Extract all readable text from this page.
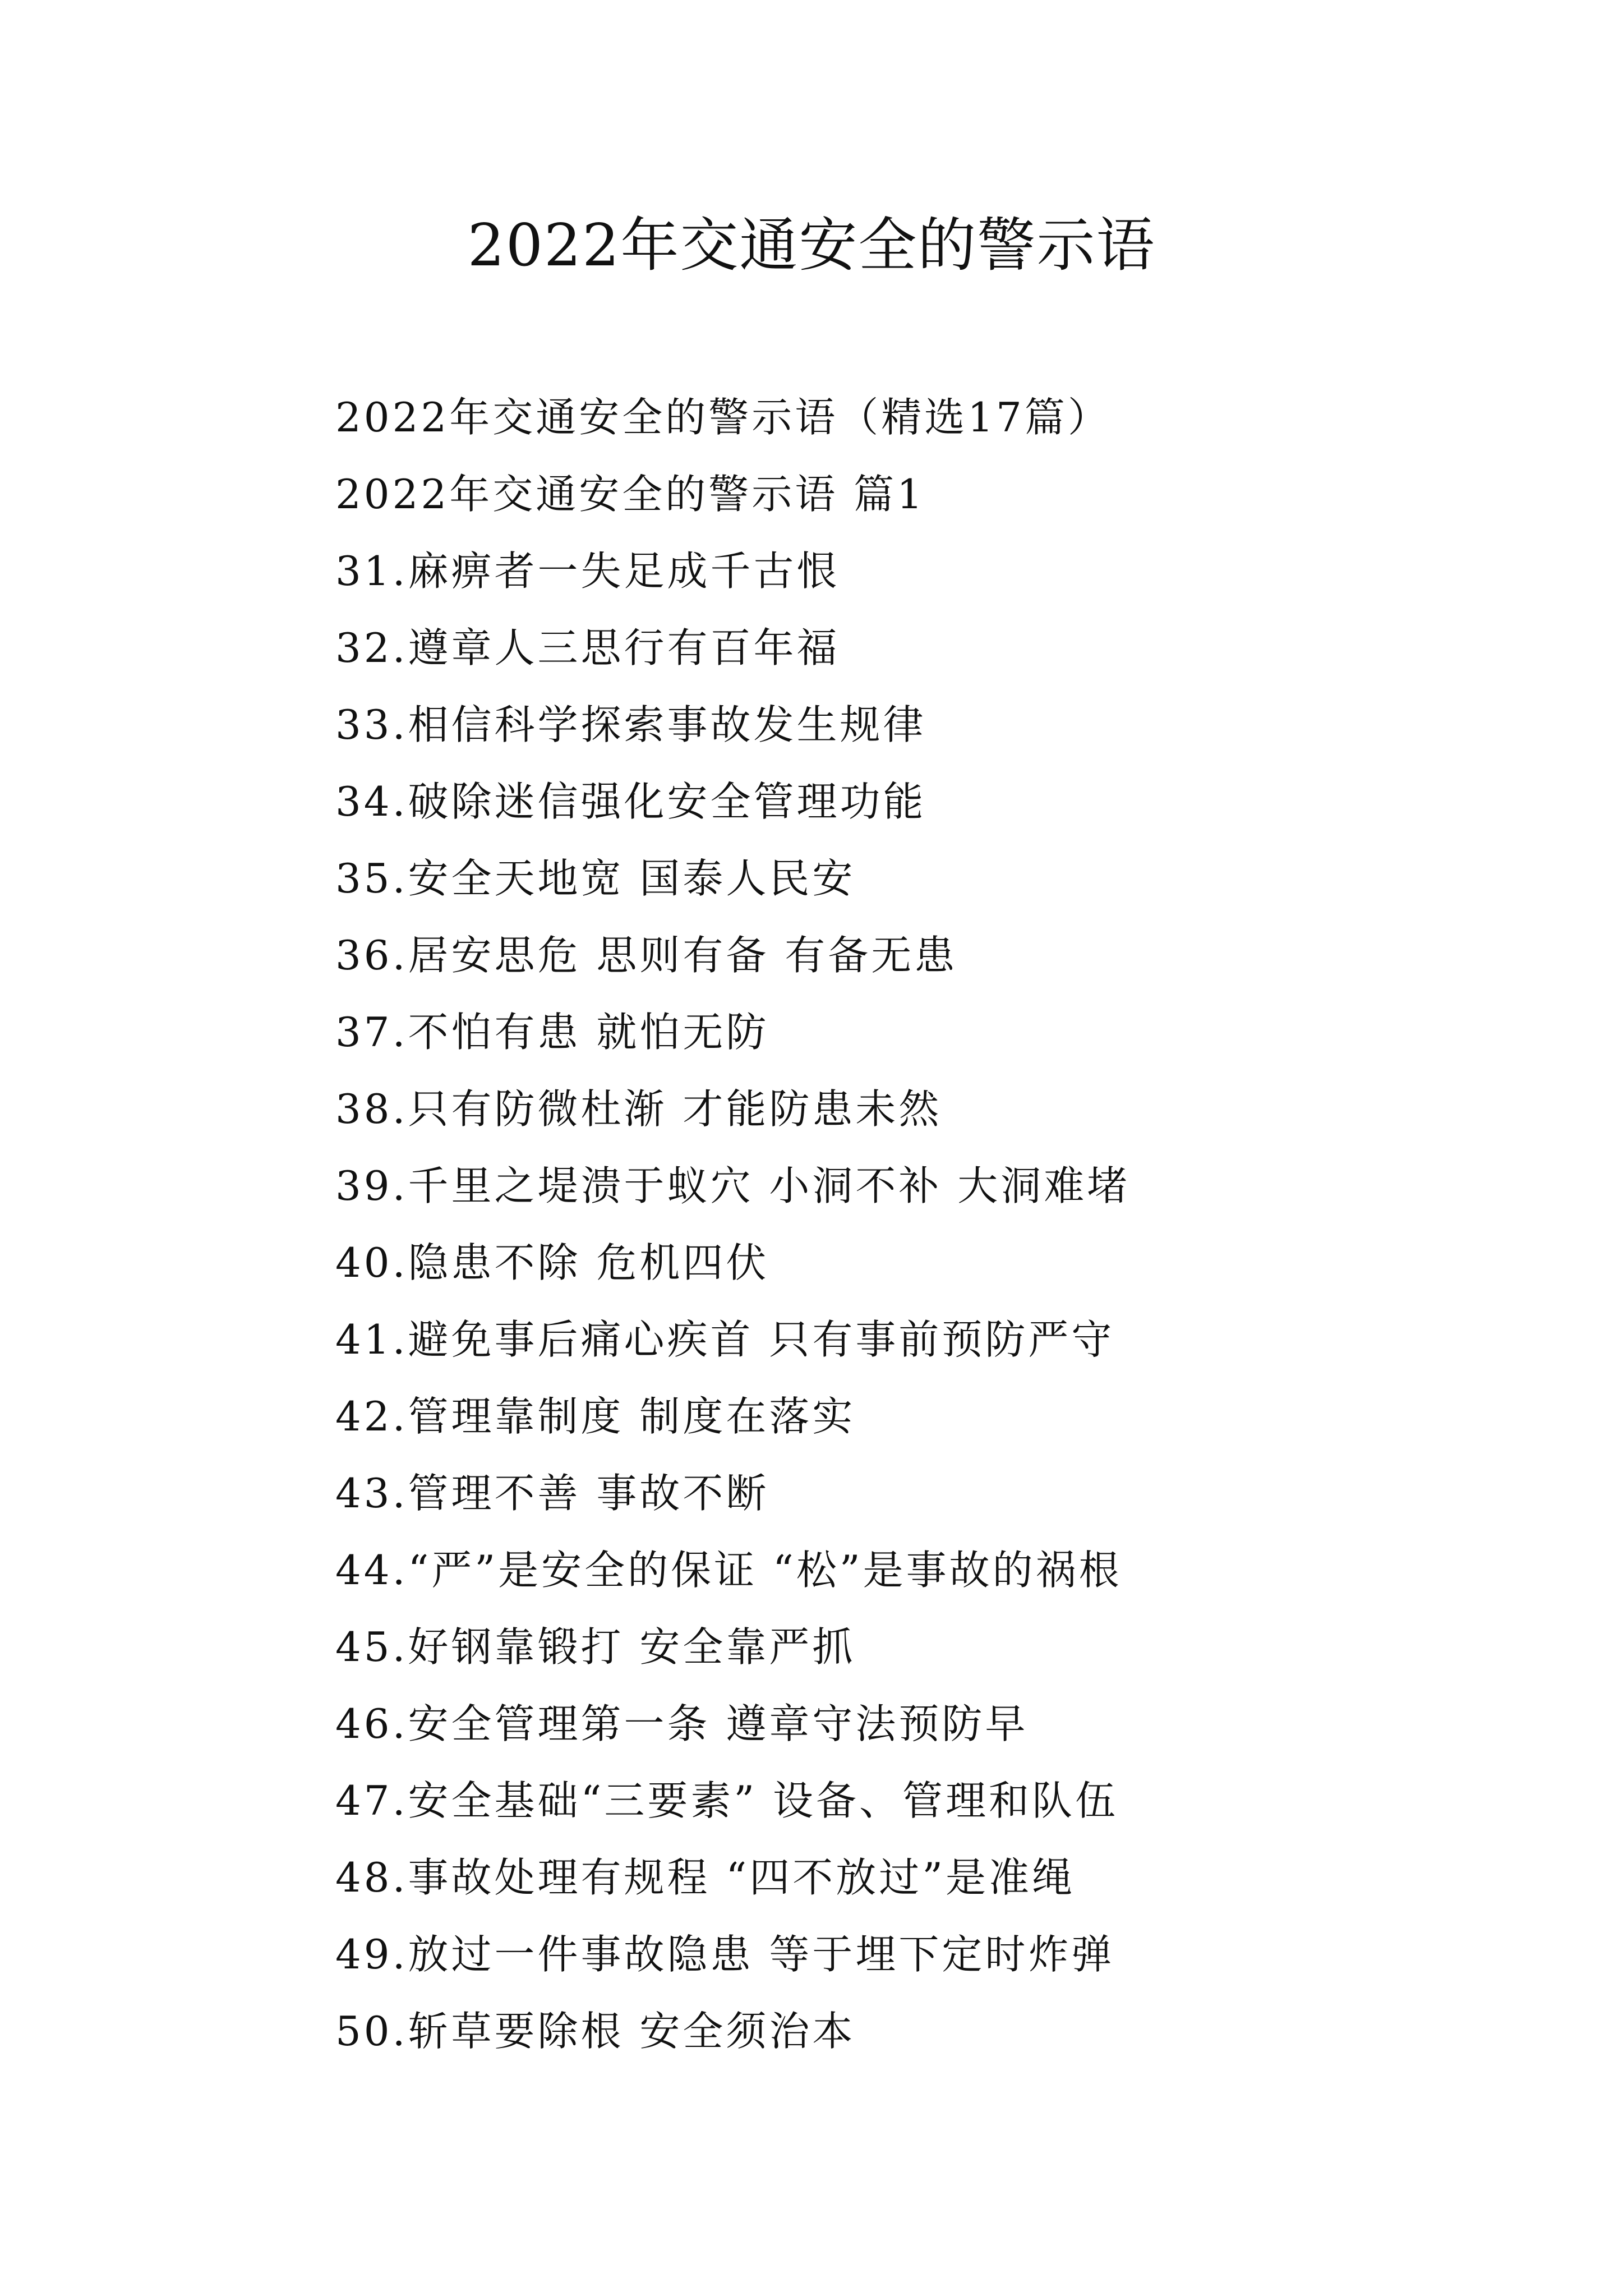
2022年交通安全的警示语
2022年交通安全的警示语（精选17篇）
2022年交通安全的警示语 篇1
31.麻痹者一失足成千古恨
32.遵章人三思行有百年福
33.相信科学探索事故发生规律
34.破除迷信强化安全管理功能
35.安全天地宽 国泰人民安
36.居安思危 思则有备 有备无患
37.不怕有患 就怕无防
38.只有防微杜渐 才能防患未然
39.千里之堤溃于蚁穴 小洞不补 大洞难堵
40.隐患不除 危机四伏
41.避免事后痛心疾首 只有事前预防严守
42.管理靠制度 制度在落实
43.管理不善 事故不断
44.“严”是安全的保证 “松”是事故的祸根
45.好钢靠锻打 安全靠严抓
46.安全管理第一条 遵章守法预防早
47.安全基础“三要素” 设备、管理和队伍
48.事故处理有规程 “四不放过”是准绳
49.放过一件事故隐患 等于埋下定时炸弹
50.斩草要除根 安全须治本
